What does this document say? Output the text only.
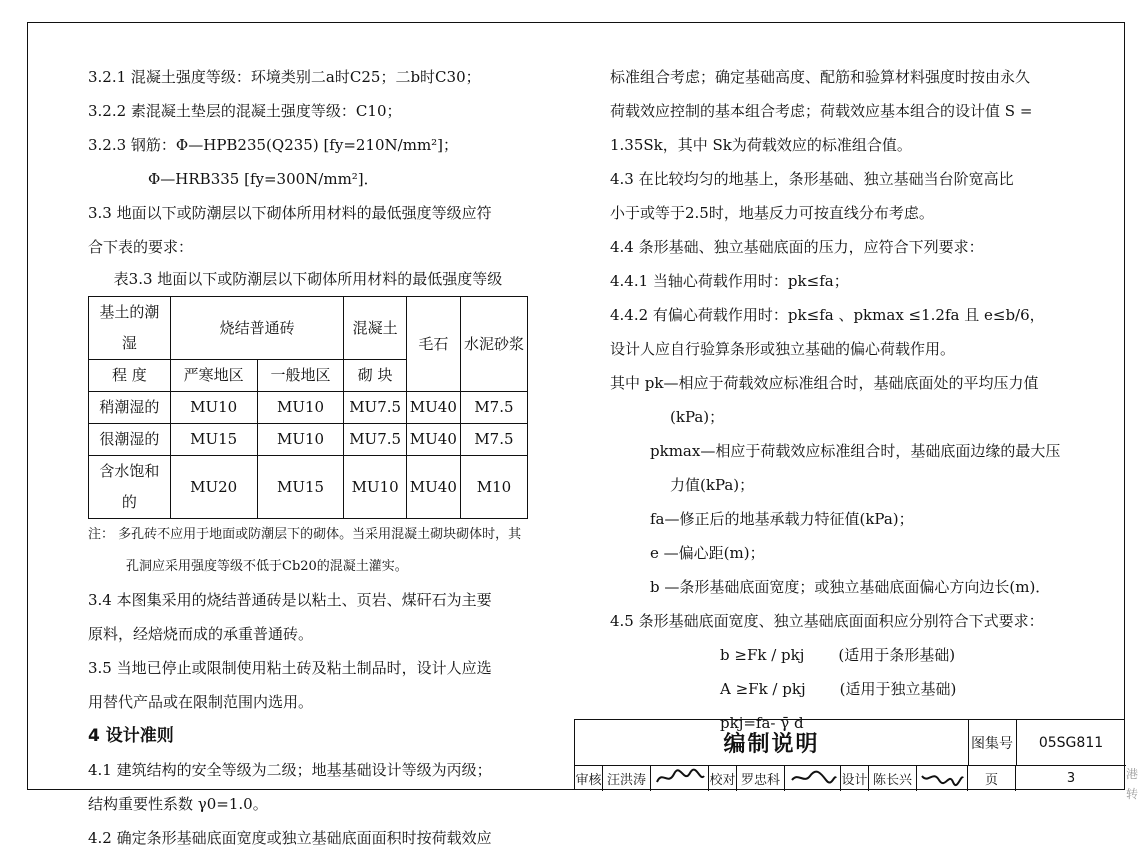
3.2.1 混凝土强度等级：环境类别二a时C25；二b时C30；
3.2.2 素混凝土垫层的混凝土强度等级：C10；
3.2.3 钢筋：Φ—HPB235(Q235) [fy=210N/mm²]；
Φ—HRB335 [fy=300N/mm²]．
3.3 地面以下或防潮层以下砌体所用材料的最低强度等级应符
合下表的要求：
表3.3 地面以下或防潮层以下砌体所用材料的最低强度等级
基土的潮湿	烧结普通砖		混凝土	毛石	水泥砂浆
程 度	严寒地区	一般地区	砌 块		
稍潮湿的	MU10	MU10	MU7.5	MU40	M7.5
很潮湿的	MU15	MU10	MU7.5	MU40	M7.5
含水饱和的	MU20	MU15	MU10	MU40	M10
注： 多孔砖不应用于地面或防潮层下的砌体。当采用混凝土砌块砌体时，其
孔洞应采用强度等级不低于Cb20的混凝土灌实。
3.4 本图集采用的烧结普通砖是以粘土、页岩、煤矸石为主要
原料，经焙烧而成的承重普通砖。
3.5 当地已停止或限制使用粘土砖及粘土制品时，设计人应选
用替代产品或在限制范围内选用。
4 设计准则
4.1 建筑结构的安全等级为二级；地基基础设计等级为丙级；
结构重要性系数 γ0=1.0。
4.2 确定条形基础底面宽度或独立基础底面面积时按荷载效应
标准组合考虑；确定基础高度、配筋和验算材料强度时按由永久
荷载效应控制的基本组合考虑；荷载效应基本组合的设计值 S =
1.35Sk，其中 Sk为荷载效应的标准组合值。
4.3 在比较均匀的地基上，条形基础、独立基础当台阶宽高比
小于或等于2.5时，地基反力可按直线分布考虑。
4.4 条形基础、独立基础底面的压力，应符合下列要求：
4.4.1 当轴心荷载作用时：pk≤fa；
4.4.2 有偏心荷载作用时：pk≤fa 、pkmax ≤1.2fa 且 e≤b/6，
设计人应自行验算条形或独立基础的偏心荷载作用。
其中 pk—相应于荷载效应标准组合时，基础底面处的平均压力值
(kPa)；
pkmax—相应于荷载效应标准组合时，基础底面边缘的最大压
力值(kPa)；
fa—修正后的地基承载力特征值(kPa)；
e —偏心距(m)；
b —条形基础底面宽度；或独立基础底面偏心方向边长(m)．
4.5 条形基础底面宽度、独立基础底面面积应分别符合下式要求：
b ≥Fk / pkj (适用于条形基础)
A ≥Fk / pkj (适用于独立基础)
pkj=fa- γ̄ d
编制说明	图集号	05SG811
审核 汪洪涛	校对 罗忠科	设计 陈长兴	页	3	港转
